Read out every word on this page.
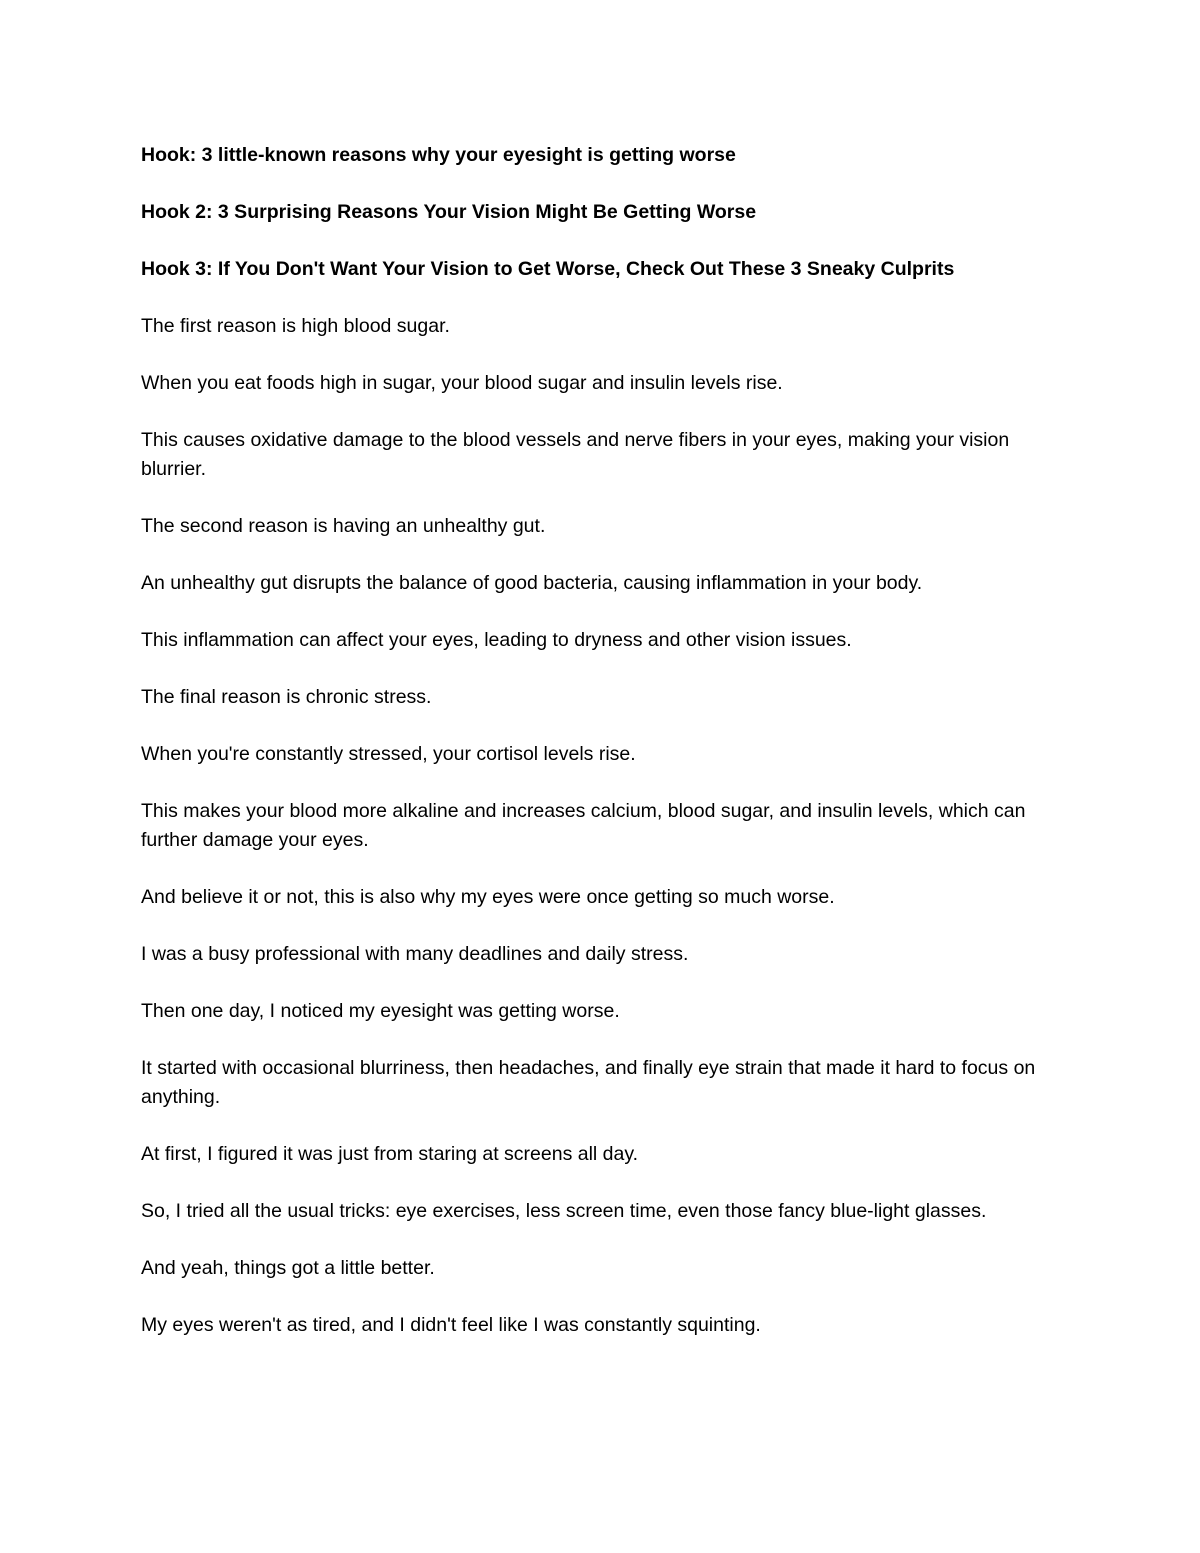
Hook: 3 little-known reasons why your eyesight is getting worse

Hook 2: 3 Surprising Reasons Your Vision Might Be Getting Worse

Hook 3: If You Don't Want Your Vision to Get Worse, Check Out These 3 Sneaky Culprits

The first reason is high blood sugar.

When you eat foods high in sugar, your blood sugar and insulin levels rise.

This causes oxidative damage to the blood vessels and nerve fibers in your eyes, making your vision blurrier.

The second reason is having an unhealthy gut.

An unhealthy gut disrupts the balance of good bacteria, causing inflammation in your body.

This inflammation can affect your eyes, leading to dryness and other vision issues.

The final reason is chronic stress.

When you're constantly stressed, your cortisol levels rise.

This makes your blood more alkaline and increases calcium, blood sugar, and insulin levels, which can further damage your eyes.

And believe it or not, this is also why my eyes were once getting so much worse.

I was a busy professional with many deadlines and daily stress.

Then one day, I noticed my eyesight was getting worse.

It started with occasional blurriness, then headaches, and finally eye strain that made it hard to focus on anything.

At first, I figured it was just from staring at screens all day.

So, I tried all the usual tricks: eye exercises, less screen time, even those fancy blue-light glasses.

And yeah, things got a little better.

My eyes weren't as tired, and I didn't feel like I was constantly squinting.
